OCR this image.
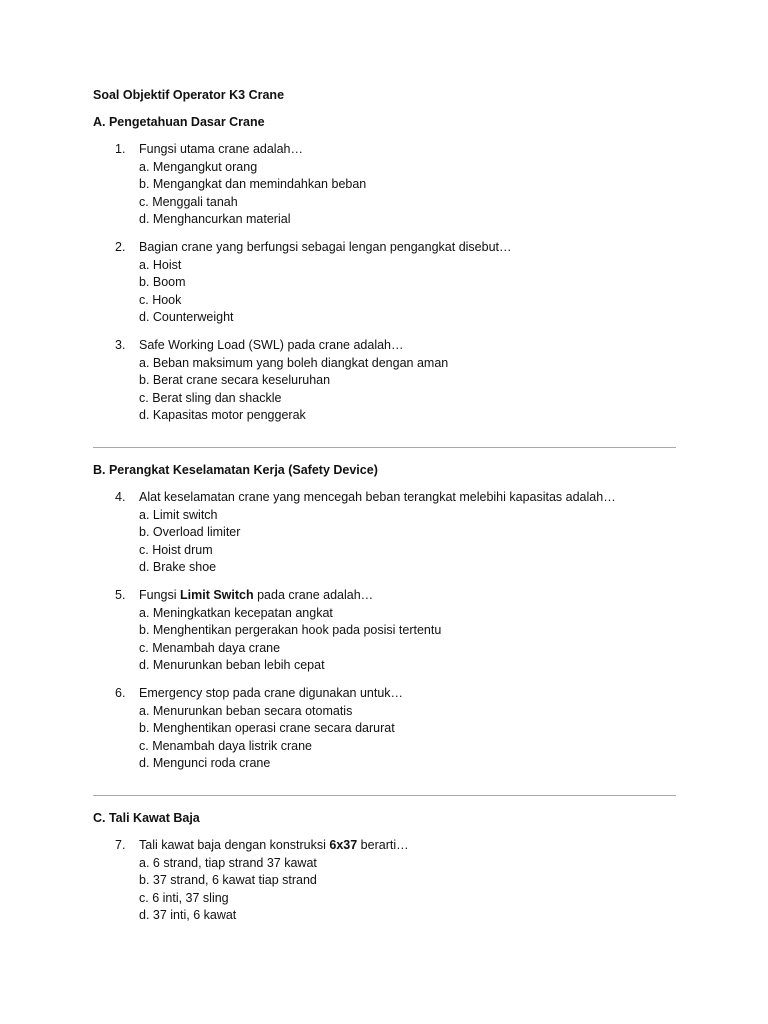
Soal Objektif Operator K3 Crane
A. Pengetahuan Dasar Crane
1.	Fungsi utama crane adalah…
a. Mengangkut orang
b. Mengangkat dan memindahkan beban
c. Menggali tanah
d. Menghancurkan material
2.	Bagian crane yang berfungsi sebagai lengan pengangkat disebut…
a. Hoist
b. Boom
c. Hook
d. Counterweight
3.	Safe Working Load (SWL) pada crane adalah…
a. Beban maksimum yang boleh diangkat dengan aman
b. Berat crane secara keseluruhan
c. Berat sling dan shackle
d. Kapasitas motor penggerak
B. Perangkat Keselamatan Kerja (Safety Device)
4.	Alat keselamatan crane yang mencegah beban terangkat melebihi kapasitas adalah…
a. Limit switch
b. Overload limiter
c. Hoist drum
d. Brake shoe
5.	Fungsi Limit Switch pada crane adalah…
a. Meningkatkan kecepatan angkat
b. Menghentikan pergerakan hook pada posisi tertentu
c. Menambah daya crane
d. Menurunkan beban lebih cepat
6.	Emergency stop pada crane digunakan untuk…
a. Menurunkan beban secara otomatis
b. Menghentikan operasi crane secara darurat
c. Menambah daya listrik crane
d. Mengunci roda crane
C. Tali Kawat Baja
7.	Tali kawat baja dengan konstruksi 6x37 berarti…
a. 6 strand, tiap strand 37 kawat
b. 37 strand, 6 kawat tiap strand
c. 6 inti, 37 sling
d. 37 inti, 6 kawat
